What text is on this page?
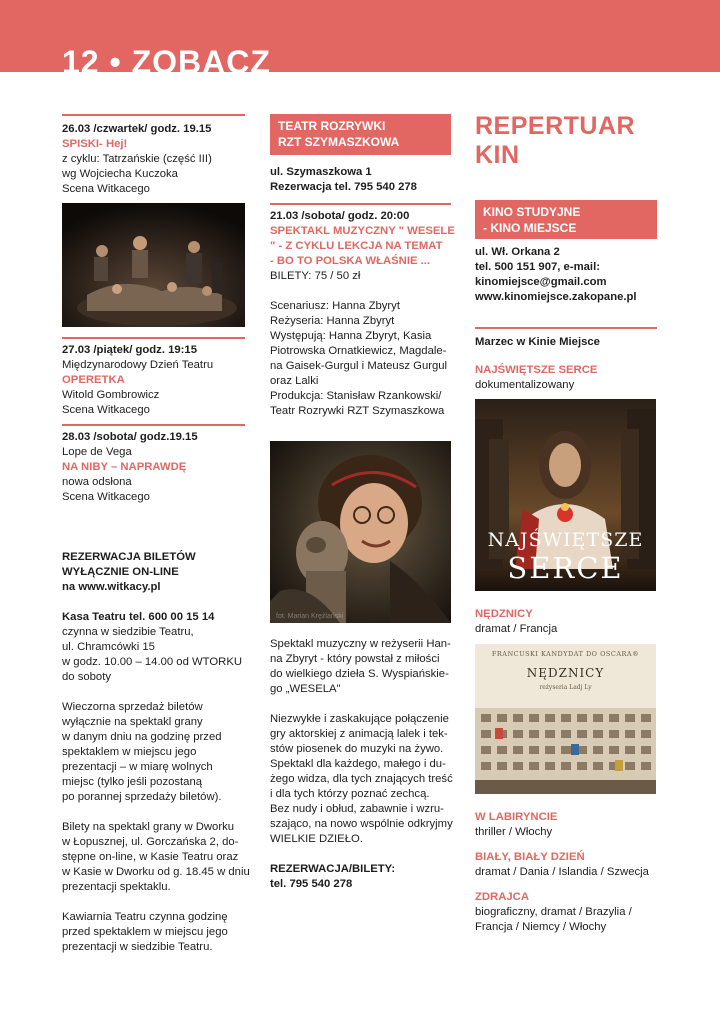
12 • ZOBACZ
26.03 /czwartek/ godz. 19.15
SPISKI- Hej!
z cyklu: Tatrzańskie (część III)
wg Wojciecha Kuczoka
Scena Witkacego
27.03 /piątek/ godz. 19:15
Międzynarodowy Dzień Teatru
OPERETKA
Witold Gombrowicz
Scena Witkacego
28.03 /sobota/ godz.19.15
Lope de Vega
NA NIBY – NAPRAWDĘ
nowa odsłona
Scena Witkacego
REZERWACJA BILETÓW
WYŁĄCZNIE ON-LINE
na www.witkacy.pl
Kasa Teatru tel. 600 00 15 14
czynna w siedzibie Teatru,
ul. Chramcówki 15
w godz. 10.00 – 14.00 od WTORKU
do soboty
Wieczorna sprzedaż biletów
wyłącznie na spektakl grany
w danym dniu na godzinę przed
spektaklem w miejscu jego
prezentacji – w miarę wolnych
miejsc (tylko jeśli pozostaną
po porannej sprzedaży biletów).
Bilety na spektakl grany w Dworku
w Łopusznej, ul. Gorczańska 2, do-
stępne on-line, w Kasie Teatru oraz
w Kasie w Dworku od g. 18.45 w dniu
prezentacji spektaklu.
Kawiarnia Teatru czynna godzinę
przed spektaklem w miejscu jego
prezentacji w siedzibie Teatru.
TEATR ROZRYWKI
RZT SZYMASZKOWA
ul. Szymaszkowa 1
Rezerwacja tel. 795 540 278
21.03 /sobota/ godz. 20:00
SPEKTAKL MUZYCZNY " WESELE
" - Z CYKLU LEKCJA NA TEMAT
- BO TO POLSKA WŁAŚNIE ...
BILETY: 75 / 50 zł
Scenariusz: Hanna Zbyryt
Reżyseria: Hanna Zbyryt
Występują: Hanna Zbyryt, Kasia
Piotrowska Ornatkiewicz, Magdale-
na Gaisek-Gurgul i Mateusz Gurgul
oraz Lalki
Produkcja: Stanisław Rzankowski/
Teatr Rozrywki RZT Szymaszkowa
fot. Marian Krężlański
Spektakl muzyczny w reżyserii Han-
na Zbyryt - który powstał z miłości
do wielkiego dzieła S. Wyspiańskie-
go „WESELA"
Niezwykłe i zaskakujące połączenie
gry aktorskiej z animacją lalek i tek-
stów piosenek do muzyki na żywo.
Spektakl dla każdego, małego i du-
żego widza, dla tych znających treść
i dla tych którzy poznać zechcą.
Bez nudy i obłud, zabawnie i wzru-
szająco, na nowo wspólnie odkryjmy
WIELKIE DZIEŁO.
REZERWACJA/BILETY:
tel. 795 540 278
REPERTUAR
KIN
KINO STUDYJNE
- KINO MIEJSCE
ul. Wł. Orkana 2
tel. 500 151 907, e-mail:
kinomiejsce@gmail.com
www.kinomiejsce.zakopane.pl
Marzec w Kinie Miejsce
NAJŚWIĘTSZE SERCE
dokumentalizowany
NAJŚWIĘTSZE
SERCE
NĘDZNICY
dramat / Francja
FRANCUSKI KANDYDAT DO OSCARA®
NĘDZNICY
reżyseria Ladj Ly
W LABIRYNCIE
thriller / Włochy
BIAŁY, BIAŁY DZIEŃ
dramat / Dania / Islandia / Szwecja
ZDRAJCA
biograficzny, dramat / Brazylia /
Francja / Niemcy / Włochy
